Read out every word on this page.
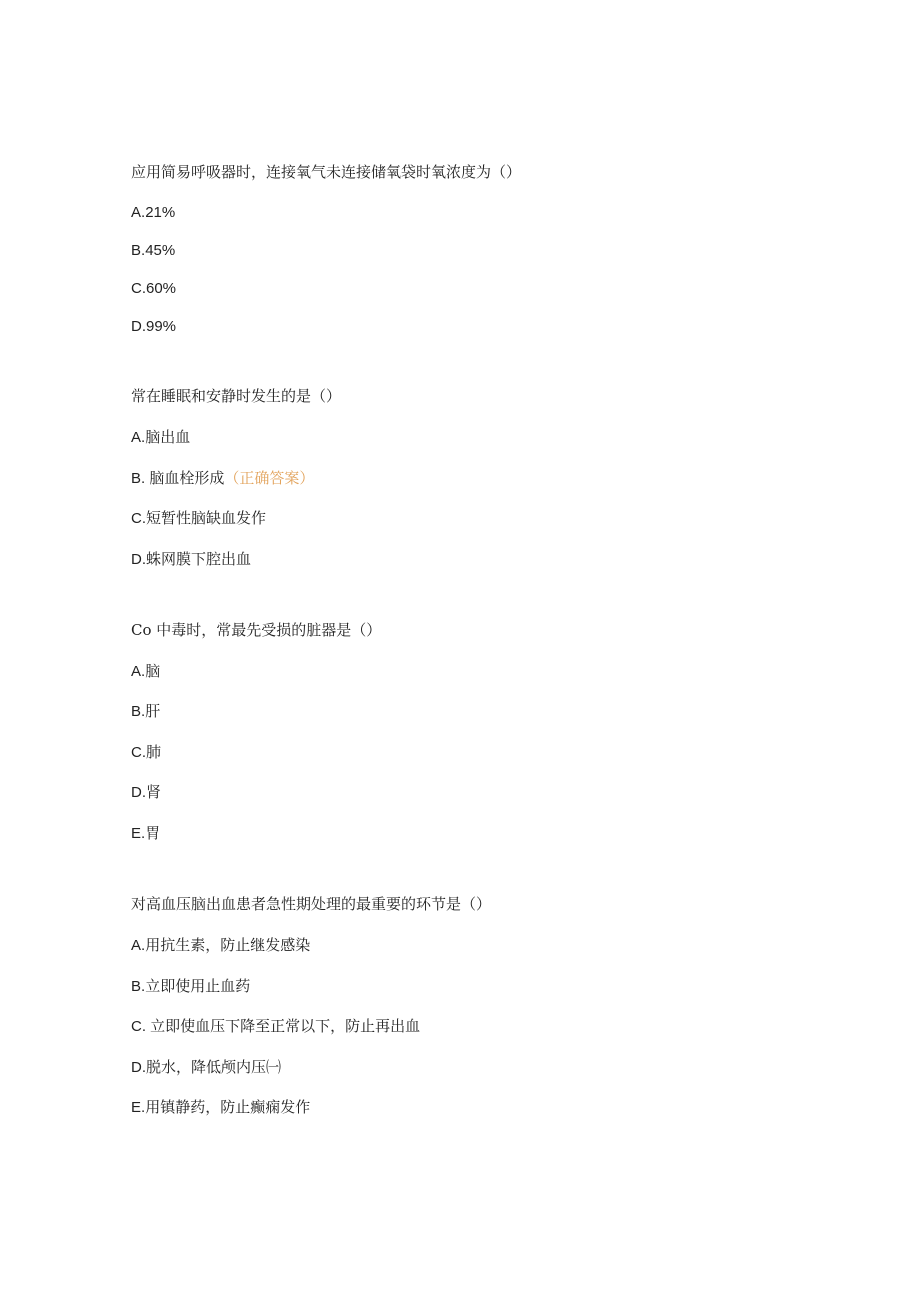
应用简易呼吸器时，连接氧气未连接储氧袋时氧浓度为（）
A.21%
B.45%
C.60%
D.99%
常在睡眠和安静时发生的是（）
A.脑出血
B. 脑血栓形成（正确答案）
C.短暂性脑缺血发作
D.蛛网膜下腔出血
Co 中毒时，常最先受损的脏器是（）
A.脑
B.肝
C.肺
D.肾
E.胃
对高血压脑出血患者急性期处理的最重要的环节是（）
A.用抗生素，防止继发感染
B.立即使用止血药
C. 立即使血压下降至正常以下，防止再出血
D.脱水，降低颅内压㈠
E.用镇静药，防止癫痫发作
